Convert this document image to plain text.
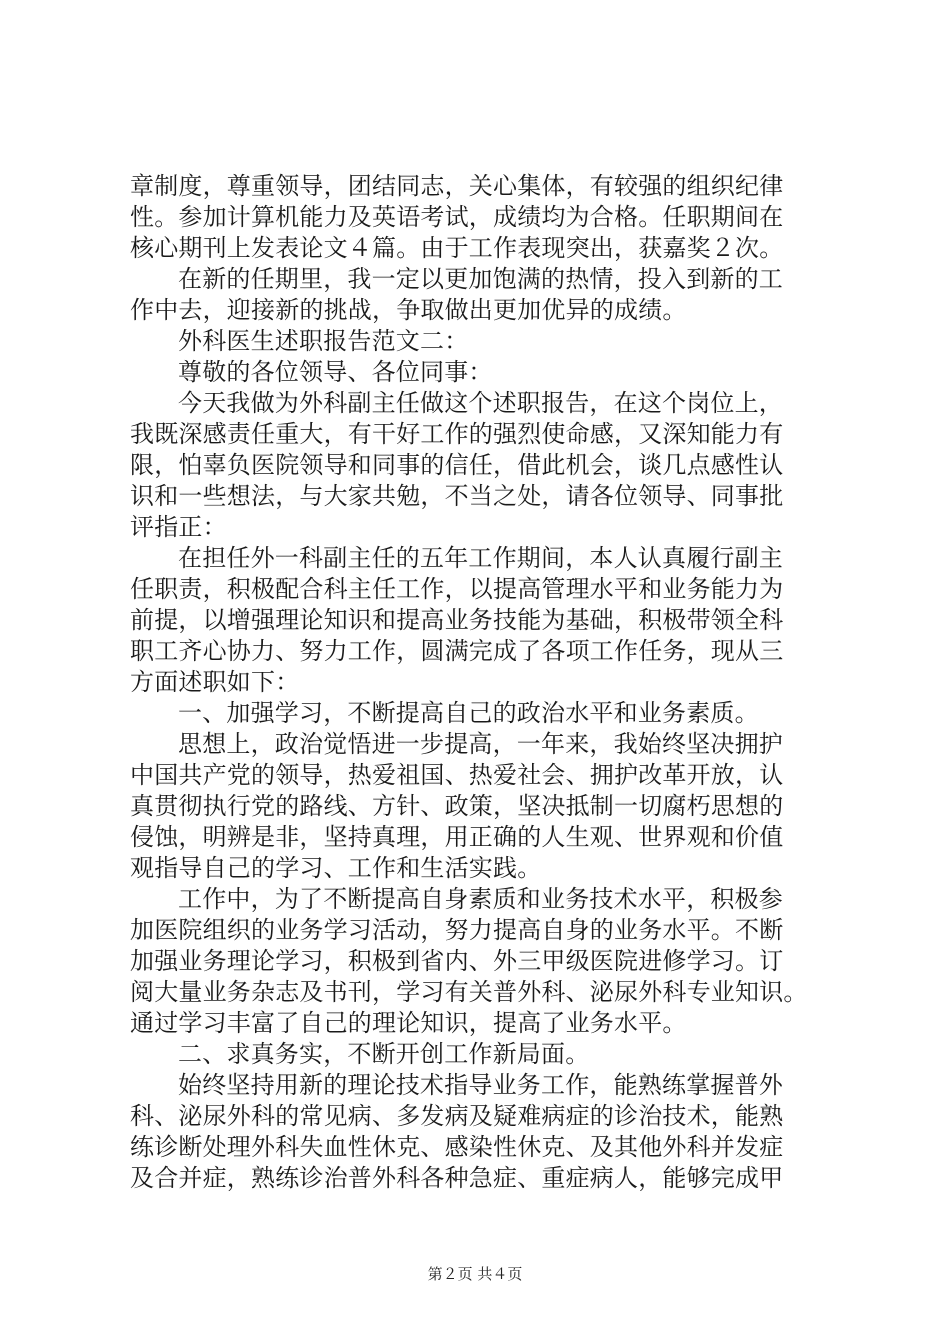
章制度，尊重领导，团结同志，关心集体，有较强的组织纪律
性。参加计算机能力及英语考试，成绩均为合格。任职期间在
核心期刊上发表论文４篇。由于工作表现突出，获嘉奖２次。
在新的任期里，我一定以更加饱满的热情，投入到新的工
作中去，迎接新的挑战，争取做出更加优异的成绩。
外科医生述职报告范文二：
尊敬的各位领导、各位同事：
今天我做为外科副主任做这个述职报告，在这个岗位上，
我既深感责任重大，有干好工作的强烈使命感，又深知能力有
限，怕辜负医院领导和同事的信任，借此机会，谈几点感性认
识和一些想法，与大家共勉，不当之处，请各位领导、同事批
评指正：
在担任外一科副主任的五年工作期间，本人认真履行副主
任职责，积极配合科主任工作，以提高管理水平和业务能力为
前提，以增强理论知识和提高业务技能为基础，积极带领全科
职工齐心协力、努力工作，圆满完成了各项工作任务，现从三
方面述职如下：
一、加强学习，不断提高自己的政治水平和业务素质。
思想上，政治觉悟进一步提高，一年来，我始终坚决拥护
中国共产党的领导，热爱祖国、热爱社会、拥护改革开放，认
真贯彻执行党的路线、方针、政策，坚决抵制一切腐朽思想的
侵蚀，明辨是非，坚持真理，用正确的人生观、世界观和价值
观指导自己的学习、工作和生活实践。
工作中，为了不断提高自身素质和业务技术水平，积极参
加医院组织的业务学习活动，努力提高自身的业务水平。不断
加强业务理论学习，积极到省内、外三甲级医院进修学习。订
阅大量业务杂志及书刊，学习有关普外科、泌尿外科专业知识。
通过学习丰富了自己的理论知识，提高了业务水平。
二、求真务实，不断开创工作新局面。
始终坚持用新的理论技术指导业务工作，能熟练掌握普外
科、泌尿外科的常见病、多发病及疑难病症的诊治技术，能熟
练诊断处理外科失血性休克、感染性休克、及其他外科并发症
及合并症，熟练诊治普外科各种急症、重症病人，能够完成甲
第２页 共４页
